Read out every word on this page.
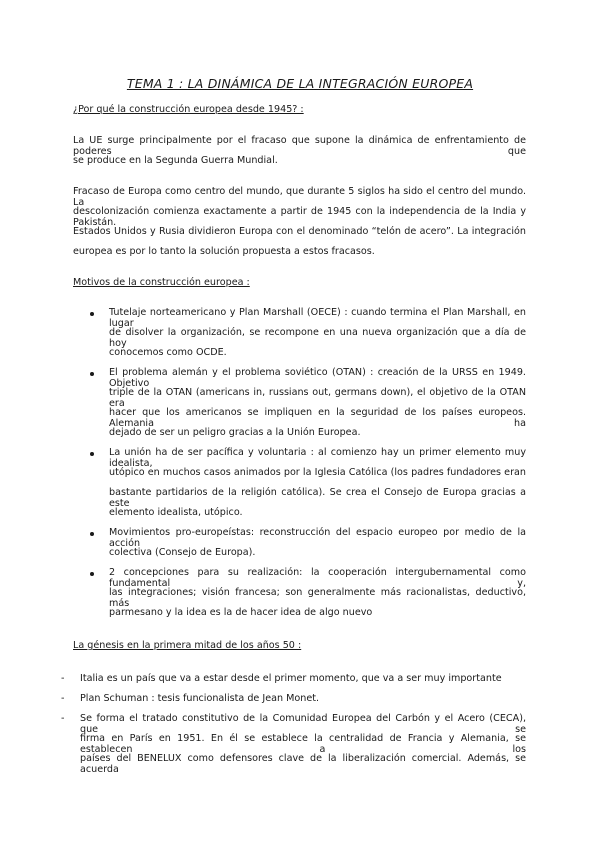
TEMA 1 : LA DINÁMICA DE LA INTEGRACIÓN EUROPEA
¿Por qué la construcción europea desde 1945? :
La UE surge principalmente por el fracaso que supone la dinámica de enfrentamiento de poderes que
se produce en la Segunda Guerra Mundial.
Fracaso de Europa como centro del mundo, que durante 5 siglos ha sido el centro del mundo. La
descolonización comienza exactamente a partir de 1945 con la independencia de la India y Pakistán.
Estados Unidos y Rusia dividieron Europa con el denominado “telón de acero”. La integración
europea es por lo tanto la solución propuesta a estos fracasos.
Motivos de la construcción europea :
Tutelaje norteamericano y Plan Marshall (OECE) : cuando termina el Plan Marshall, en lugar
de disolver la organización, se recompone en una nueva organización que a día de hoy
conocemos como OCDE.
El problema alemán y el problema soviético (OTAN) : creación de la URSS en 1949. Objetivo
triple de la OTAN (americans in, russians out, germans down), el objetivo de la OTAN era
hacer que los americanos se impliquen en la seguridad de los países europeos. Alemania ha
dejado de ser un peligro gracias a la Unión Europea.
La unión ha de ser pacífica y voluntaria : al comienzo hay un primer elemento muy idealista,
utópico en muchos casos animados por la Iglesia Católica (los padres fundadores eran
bastante partidarios de la religión católica). Se crea el Consejo de Europa gracias a este
elemento idealista, utópico.
Movimientos pro-europeístas: reconstrucción del espacio europeo por medio de la acción
colectiva (Consejo de Europa).
2 concepciones para su realización: la cooperación intergubernamental como fundamental y,
las integraciones; visión francesa; son generalmente más racionalistas, deductivo, más
parmesano y la idea es la de hacer idea de algo nuevo
La génesis en la primera mitad de los años 50 :
- Italia es un país que va a estar desde el primer momento, que va a ser muy importante
- Plan Schuman : tesis funcionalista de Jean Monet.
- Se forma el tratado constitutivo de la Comunidad Europea del Carbón y el Acero (CECA), que se
firma en París en 1951. En él se establece la centralidad de Francia y Alemania, se establecen a los
países del BENELUX como defensores clave de la liberalización comercial. Además, se acuerda
